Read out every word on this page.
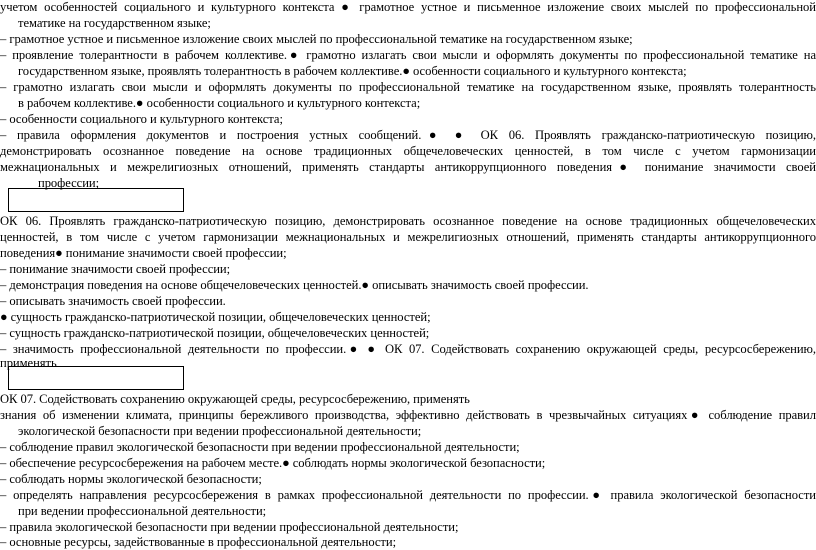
учетом особенностей социального и культурного контекста ● грамотное устное и письменное изложение своих мыслей по профессиональной
тематике на государственном языке;
– грамотное устное и письменное изложение своих мыслей по профессиональной тематике на государственном языке;
– проявление толерантности в рабочем коллективе.● грамотно излагать свои мысли и оформлять документы по профессиональной тематике на
государственном языке, проявлять толерантность в рабочем коллективе.● особенности социального и культурного контекста;
– грамотно излагать свои мысли и оформлять документы по профессиональной тематике на государственном языке, проявлять толерантность
в рабочем коллективе.● особенности социального и культурного контекста;
– особенности социального и культурного контекста;
– правила оформления документов и построения устных сообщений.● ● ОК 06. Проявлять гражданско-патриотическую позицию,
демонстрировать осознанное поведение на основе традиционных общечеловеческих ценностей, в том числе с учетом гармонизации
межнациональных и межрелигиозных отношений, применять стандарты антикоррупционного поведения● понимание значимости своей
профессии;
ОК 06. Проявлять гражданско-патриотическую позицию, демонстрировать осознанное поведение на основе традиционных общечеловеческих
ценностей, в том числе с учетом гармонизации межнациональных и межрелигиозных отношений, применять стандарты антикоррупционного
поведения● понимание значимости своей профессии;
– понимание значимости своей профессии;
– демонстрация поведения на основе общечеловеческих ценностей.● описывать значимость своей профессии.
– описывать значимость своей профессии.
● сущность гражданско-патриотической позиции, общечеловеческих ценностей;
– сущность гражданско-патриотической позиции, общечеловеческих ценностей;
– значимость профессиональной деятельности по профессии.● ● ОК 07. Содействовать сохранению окружающей среды, ресурсосбережению,
применять
ОК 07. Содействовать сохранению окружающей среды, ресурсосбережению, применять
знания об изменении климата, принципы бережливого производства, эффективно действовать в чрезвычайных ситуациях● соблюдение правил
экологической безопасности при ведении профессиональной деятельности;
– соблюдение правил экологической безопасности при ведении профессиональной деятельности;
– обеспечение ресурсосбережения на рабочем месте.● соблюдать нормы экологической безопасности;
– соблюдать нормы экологической безопасности;
– определять направления ресурсосбережения в рамках профессиональной деятельности по профессии.● правила экологической безопасности
при ведении профессиональной деятельности;
– правила экологической безопасности при ведении профессиональной деятельности;
– основные ресурсы, задействованные в профессиональной деятельности;
